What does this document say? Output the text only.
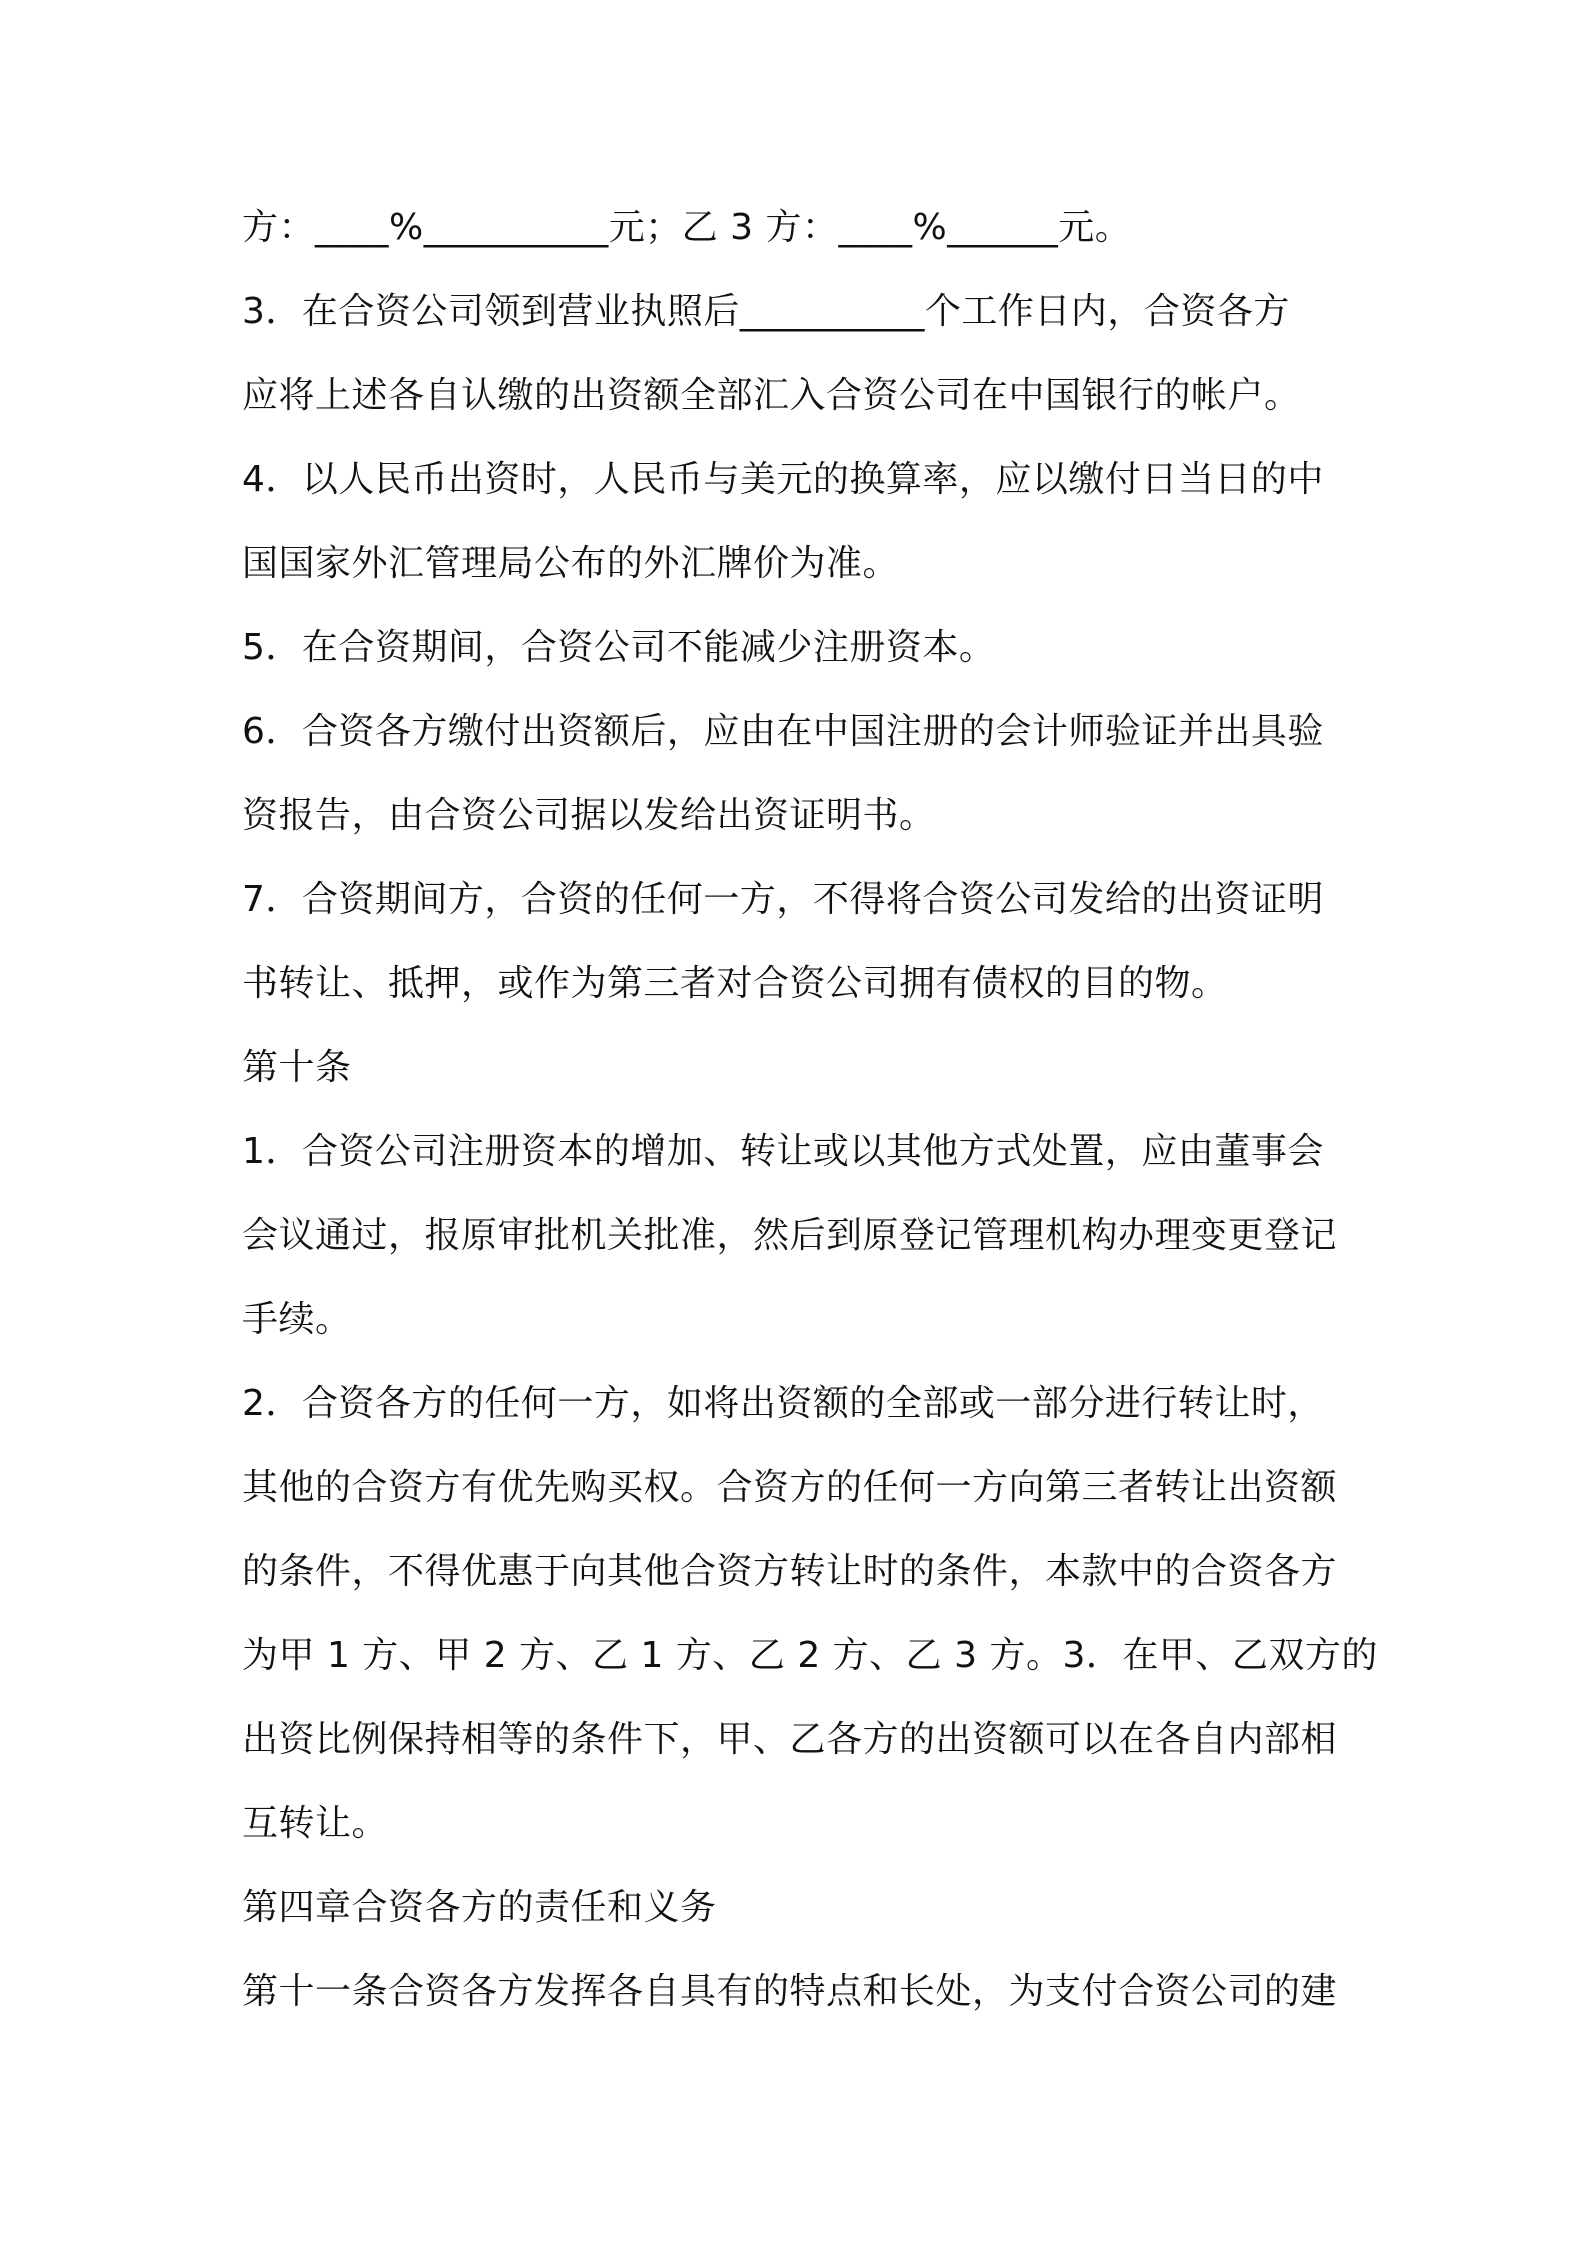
方：____%__________元；乙 3 方：____%______元。
3．在合资公司领到营业执照后__________个工作日内，合资各方
应将上述各自认缴的出资额全部汇入合资公司在中国银行的帐户。
4．以人民币出资时，人民币与美元的换算率，应以缴付日当日的中
国国家外汇管理局公布的外汇牌价为准。
5．在合资期间，合资公司不能减少注册资本。
6．合资各方缴付出资额后，应由在中国注册的会计师验证并出具验
资报告，由合资公司据以发给出资证明书。
7．合资期间方，合资的任何一方，不得将合资公司发给的出资证明
书转让、抵押，或作为第三者对合资公司拥有债权的目的物。
第十条
1．合资公司注册资本的增加、转让或以其他方式处置，应由董事会
会议通过，报原审批机关批准，然后到原登记管理机构办理变更登记
手续。
2．合资各方的任何一方，如将出资额的全部或一部分进行转让时，
其他的合资方有优先购买权。合资方的任何一方向第三者转让出资额
的条件，不得优惠于向其他合资方转让时的条件，本款中的合资各方
为甲 1 方、甲 2 方、乙 1 方、乙 2 方、乙 3 方。3．在甲、乙双方的
出资比例保持相等的条件下，甲、乙各方的出资额可以在各自内部相
互转让。
第四章合资各方的责任和义务
第十一条合资各方发挥各自具有的特点和长处，为支付合资公司的建
